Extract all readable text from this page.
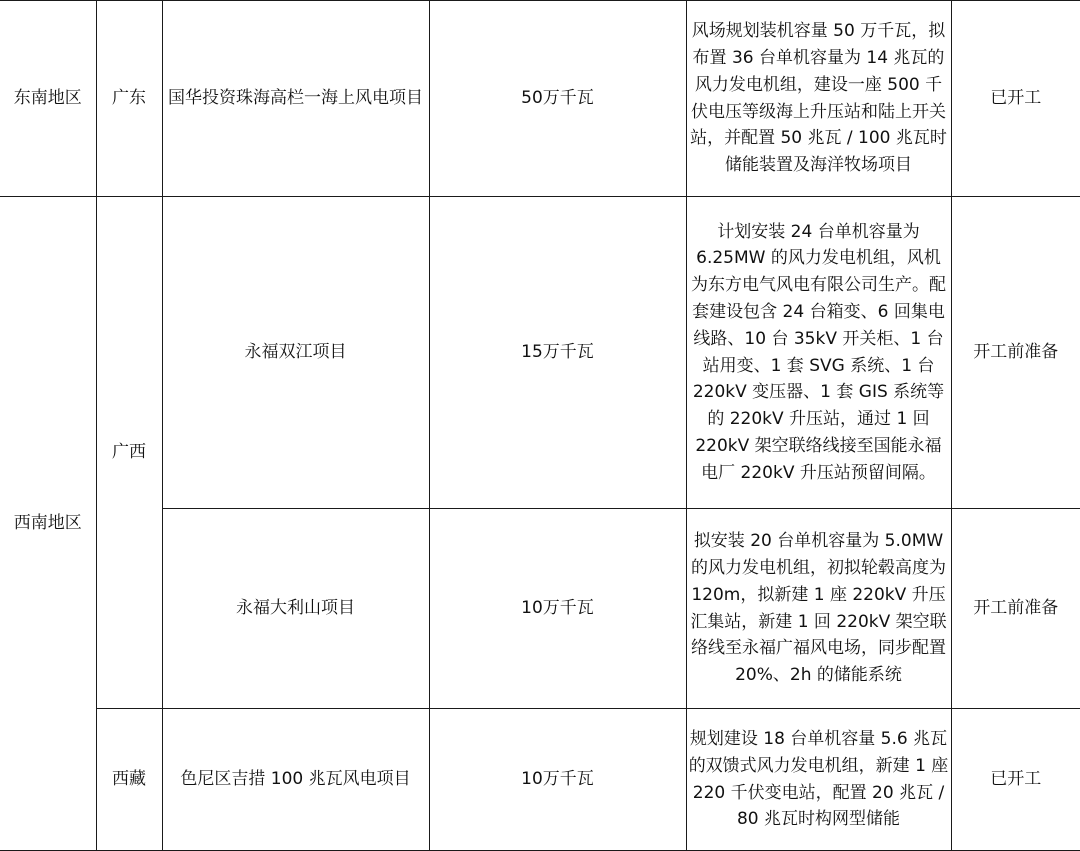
东南地区	广东	国华投资珠海高栏一海上风电项目	50万千瓦	风场规划装机容量 50 万千瓦，拟布置 36 台单机容量为 14 兆瓦的风力发电机组，建设一座 500 千伏电压等级海上升压站和陆上开关站，并配置 50 兆瓦 / 100 兆瓦时储能装置及海洋牧场项目	已开工
西南地区	广西	永福双江项目	15万千瓦	计划安装 24 台单机容量为 6.25MW 的风力发电机组，风机为东方电气风电有限公司生产。配套建设包含 24 台箱变、6 回集电线路、10 台 35kV 开关柜、1 台站用变、1 套 SVG 系统、1 台 220kV 变压器、1 套 GIS 系统等的 220kV 升压站，通过 1 回 220kV 架空联络线接至国能永福电厂 220kV 升压站预留间隔。	开工前准备
		永福大利山项目	10万千瓦	拟安装 20 台单机容量为 5.0MW 的风力发电机组，初拟轮毂高度为 120m，拟新建 1 座 220kV 升压汇集站，新建 1 回 220kV 架空联络线至永福广福风电场，同步配置 20%、2h 的储能系统	开工前准备
	西藏	色尼区吉措 100 兆瓦风电项目	10万千瓦	规划建设 18 台单机容量 5.6 兆瓦的双馈式风力发电机组，新建 1 座 220 千伏变电站，配置 20 兆瓦 / 80 兆瓦时构网型储能	已开工
